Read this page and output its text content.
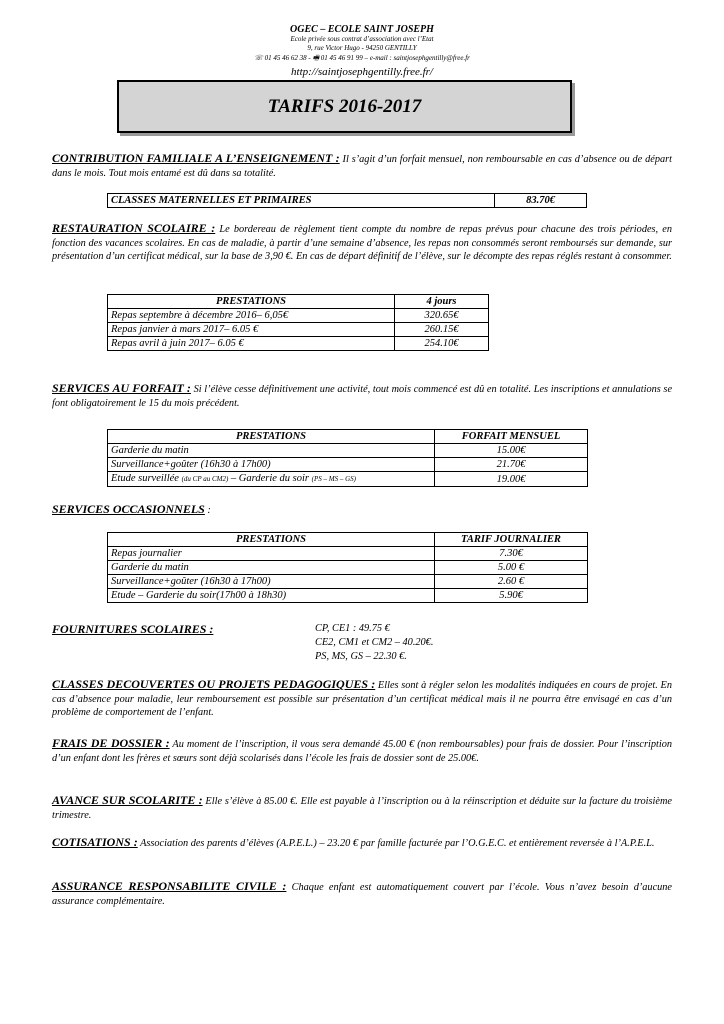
OGEC – ECOLE SAINT JOSEPH
Ecole privée sous contrat d’association avec l’Etat
9, rue Victor Hugo - 94250 GENTILLY
☏ 01 45 46 62 38 - 🖷 01 45 46 91 99 – e-mail : saintjosephgentilly@free.fr
http://saintjosephgentilly.free.fr/
TARIFS 2016-2017
CONTRIBUTION FAMILIALE A L’ENSEIGNEMENT : Il s’agit d’un forfait mensuel, non remboursable en cas d’absence ou de départ dans le mois. Tout mois entamé est dû dans sa totalité.
CLASSES MATERNELLES ET PRIMAIRES	83.70€
RESTAURATION SCOLAIRE : Le bordereau de règlement tient compte du nombre de repas prévus pour chacune des trois périodes, en fonction des vacances scolaires. En cas de maladie, à partir d’une semaine d’absence, les repas non consommés seront remboursés sur demande, sur présentation d’un certificat médical, sur la base de 3,90 €. En cas de départ définitif de l’élève, sur le décompte des repas réglés restant à consommer.
PRESTATIONS	4 jours
Repas septembre à décembre 2016– 6,05€	320.65€
Repas janvier à mars 2017– 6.05 €	260.15€
Repas avril à juin 2017– 6.05 €	254.10€
SERVICES AU FORFAIT : Si l’élève cesse définitivement une activité, tout mois commencé est dû en totalité. Les inscriptions et annulations se font obligatoirement le 15 du mois précédent.
PRESTATIONS	FORFAIT MENSUEL
Garderie du matin	15.00€
Surveillance+goûter (16h30 à 17h00)	21.70€
Etude surveillée (du CP au CM2) – Garderie du soir (PS – MS – GS)	19.00€
SERVICES OCCASIONNELS :
PRESTATIONS	TARIF JOURNALIER
Repas journalier	7.30€
Garderie du matin	5.00 €
Surveillance+goûter (16h30 à 17h00)	2.60 €
Etude – Garderie du soir(17h00 à 18h30)	5.90€
FOURNITURES SCOLAIRES :	CP, CE1 : 49.75 €
CE2, CM1 et CM2 – 40.20€.
PS, MS, GS – 22.30 €.
CLASSES DECOUVERTES OU PROJETS PEDAGOGIQUES : Elles sont à régler selon les modalités indiquées en cours de projet. En cas d’absence pour maladie, leur remboursement est possible sur présentation d’un certificat médical mais il ne pourra être envisagé en cas d’un problème de comportement de l’enfant.
FRAIS DE DOSSIER : Au moment de l’inscription, il vous sera demandé 45.00 € (non remboursables) pour frais de dossier. Pour l’inscription d’un enfant dont les frères et sœurs sont déjà scolarisés dans l’école les frais de dossier sont de 25.00€.
AVANCE SUR SCOLARITE : Elle s’élève à 85.00 €. Elle est payable à l’inscription ou à la réinscription et déduite sur la facture du troisième trimestre.
COTISATIONS : Association des parents d’élèves (A.P.E.L.) – 23.20 € par famille facturée par l’O.G.E.C. et entièrement reversée à l’A.P.E.L.
ASSURANCE RESPONSABILITE CIVILE : Chaque enfant est automatiquement couvert par l’école. Vous n’avez besoin d’aucune assurance complémentaire.
